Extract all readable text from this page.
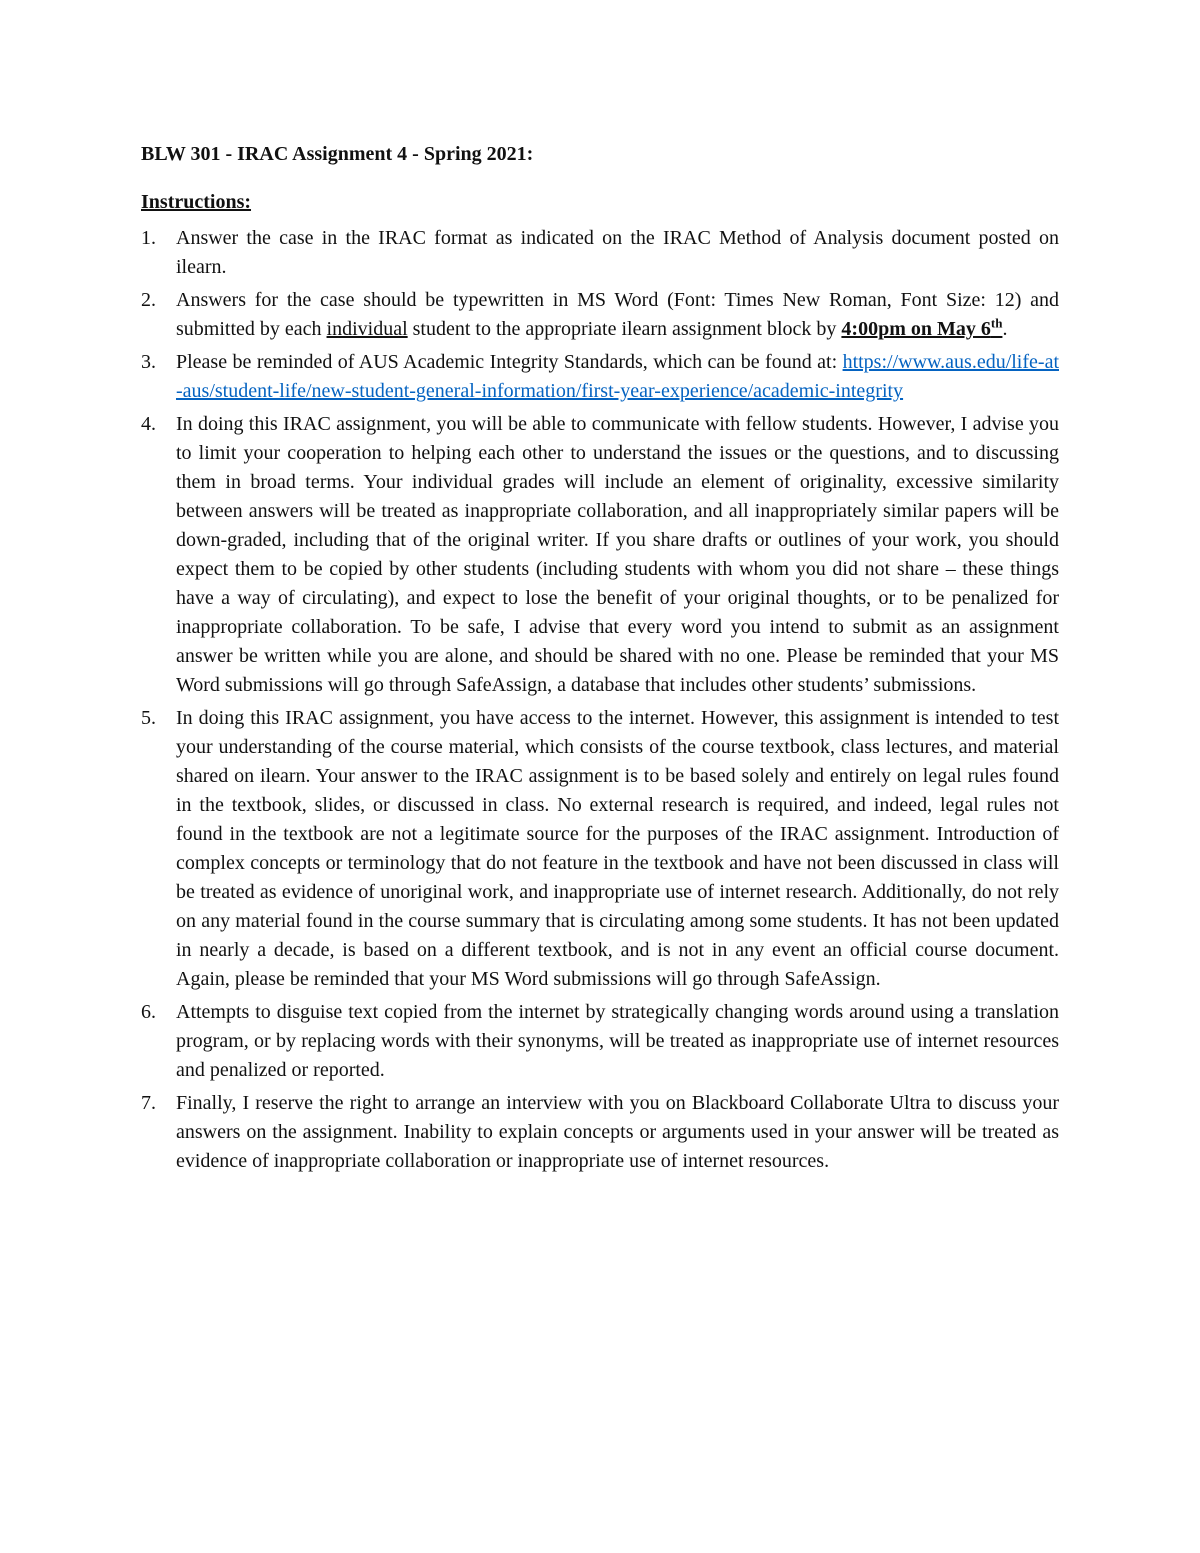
BLW 301 - IRAC Assignment 4 - Spring 2021:
Instructions:
1. Answer the case in the IRAC format as indicated on the IRAC Method of Analysis document posted on ilearn.
2. Answers for the case should be typewritten in MS Word (Font: Times New Roman, Font Size: 12) and submitted by each individual student to the appropriate ilearn assignment block by 4:00pm on May 6th.
3. Please be reminded of AUS Academic Integrity Standards, which can be found at: https://www.aus.edu/life-at-aus/student-life/new-student-general-information/first-year-experience/academic-integrity
4. In doing this IRAC assignment, you will be able to communicate with fellow students. However, I advise you to limit your cooperation to helping each other to understand the issues or the questions, and to discussing them in broad terms. Your individual grades will include an element of originality, excessive similarity between answers will be treated as inappropriate collaboration, and all inappropriately similar papers will be down-graded, including that of the original writer. If you share drafts or outlines of your work, you should expect them to be copied by other students (including students with whom you did not share – these things have a way of circulating), and expect to lose the benefit of your original thoughts, or to be penalized for inappropriate collaboration. To be safe, I advise that every word you intend to submit as an assignment answer be written while you are alone, and should be shared with no one. Please be reminded that your MS Word submissions will go through SafeAssign, a database that includes other students’ submissions.
5. In doing this IRAC assignment, you have access to the internet. However, this assignment is intended to test your understanding of the course material, which consists of the course textbook, class lectures, and material shared on ilearn. Your answer to the IRAC assignment is to be based solely and entirely on legal rules found in the textbook, slides, or discussed in class. No external research is required, and indeed, legal rules not found in the textbook are not a legitimate source for the purposes of the IRAC assignment. Introduction of complex concepts or terminology that do not feature in the textbook and have not been discussed in class will be treated as evidence of unoriginal work, and inappropriate use of internet research. Additionally, do not rely on any material found in the course summary that is circulating among some students. It has not been updated in nearly a decade, is based on a different textbook, and is not in any event an official course document. Again, please be reminded that your MS Word submissions will go through SafeAssign.
6. Attempts to disguise text copied from the internet by strategically changing words around using a translation program, or by replacing words with their synonyms, will be treated as inappropriate use of internet resources and penalized or reported.
7. Finally, I reserve the right to arrange an interview with you on Blackboard Collaborate Ultra to discuss your answers on the assignment. Inability to explain concepts or arguments used in your answer will be treated as evidence of inappropriate collaboration or inappropriate use of internet resources.
